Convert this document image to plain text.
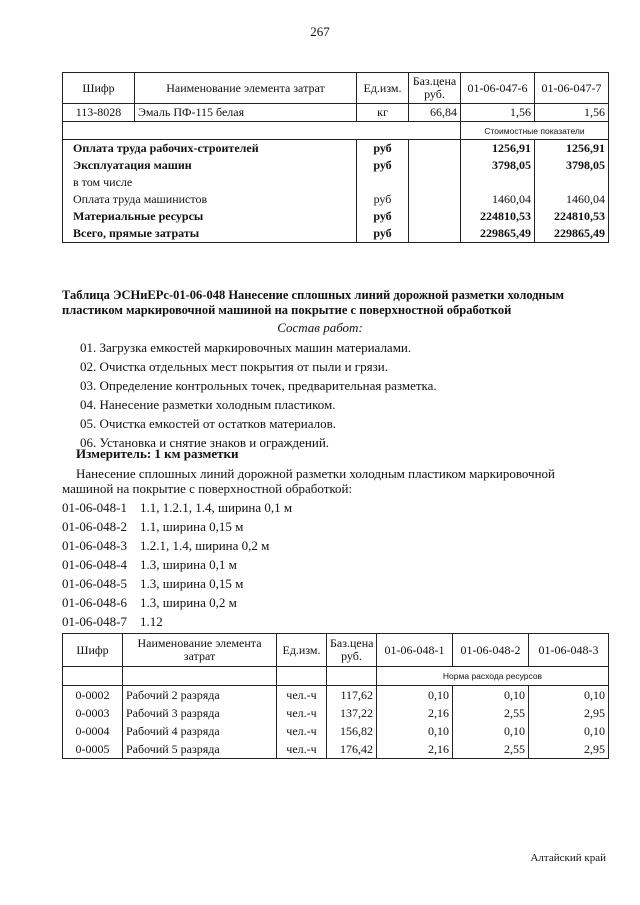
267
Шифр	Наименование элемента затрат	Ед.изм.	Баз.цена руб.	01-06-047-6	01-06-047-7
113-8028	Эмаль ПФ-115 белая	кг	66,84	1,56	1,56
				Стоимостные показатели	
Оплата труда рабочих-строителей		руб		1256,91	1256,91
Эксплуатация машин		руб		3798,05	3798,05
в том числе					
Оплата труда машинистов		руб		1460,04	1460,04
Материальные ресурсы		руб		224810,53	224810,53
Всего, прямые затраты		руб		229865,49	229865,49
Таблица ЭСНиЕРс-01-06-048 Нанесение сплошных линий дорожной разметки холодным пластиком маркировочной машиной на покрытие с поверхностной обработкой
Состав работ:
01. Загрузка емкостей маркировочных машин материалами.
02. Очистка отдельных мест покрытия от пыли и грязи.
03. Определение контрольных точек, предварительная разметка.
04. Нанесение разметки холодным пластиком.
05. Очистка емкостей от остатков материалов.
06. Установка и снятие знаков и ограждений.
Измеритель: 1 км разметки
Нанесение сплошных линий дорожной разметки холодным пластиком маркировочной машиной на покрытие с поверхностной обработкой:
01-06-048-1 1.1, 1.2.1, 1.4, ширина 0,1 м
01-06-048-2 1.1, ширина 0,15 м
01-06-048-3 1.2.1, 1.4, ширина 0,2 м
01-06-048-4 1.3, ширина 0,1 м
01-06-048-5 1.3, ширина 0,15 м
01-06-048-6 1.3, ширина 0,2 м
01-06-048-7 1.12
Шифр	Наименование элемента затрат	Ед.изм.	Баз.цена руб.	01-06-048-1	01-06-048-2	01-06-048-3
				Норма расхода ресурсов		
0-0002	Рабочий 2 разряда	чел.-ч	117,62	0,10	0,10	0,10
0-0003	Рабочий 3 разряда	чел.-ч	137,22	2,16	2,55	2,95
0-0004	Рабочий 4 разряда	чел.-ч	156,82	0,10	0,10	0,10
0-0005	Рабочий 5 разряда	чел.-ч	176,42	2,16	2,55	2,95
Алтайский край
